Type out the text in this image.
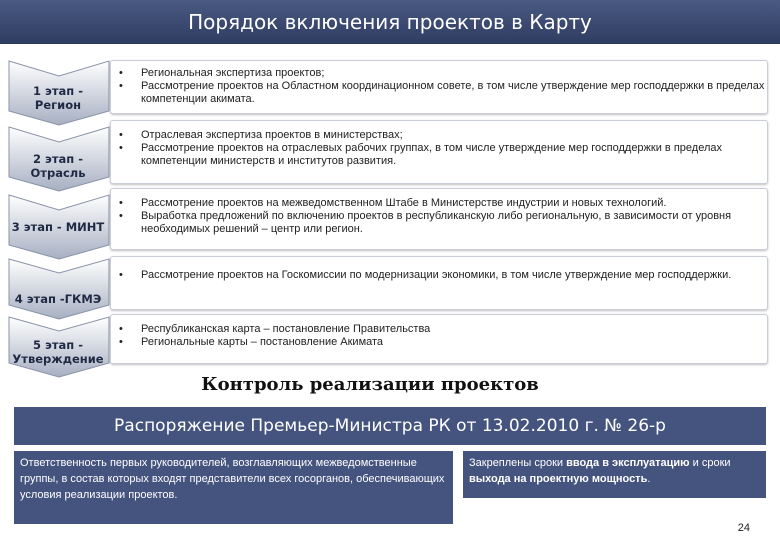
Порядок включения проектов в Карту
1 этап - Регион
• Региональная экспертиза проектов;
• Рассмотрение проектов на Областном координационном совете, в том числе утверждение мер господдержки в пределах компетенции акимата.
2 этап - Отрасль
• Отраслевая экспертиза проектов в министерствах;
• Рассмотрение проектов на отраслевых рабочих группах, в том числе утверждение мер господдержки в пределах компетенции министерств и институтов развития.
3 этап - МИНТ
• Рассмотрение проектов на межведомственном Штабе в Министерстве индустрии и новых технологий.
• Выработка предложений по включению проектов в республиканскую либо региональную, в зависимости от уровня необходимых решений – центр или регион.
4 этап -ГКМЭ
• Рассмотрение проектов на Госкомиссии по модернизации экономики, в том числе утверждение мер господдержки.
5 этап - Утверждение
• Республиканская карта – постановление Правительства
• Региональные карты – постановление Акимата
Контроль реализации проектов
Распоряжение Премьер-Министра РК от 13.02.2010 г. № 26-р
Ответственность первых руководителей, возглавляющих межведомственные группы, в состав которых входят представители всех госорганов, обеспечивающих условия реализации проектов.
Закреплены сроки ввода в эксплуатацию и сроки выхода на проектную мощность.
24
